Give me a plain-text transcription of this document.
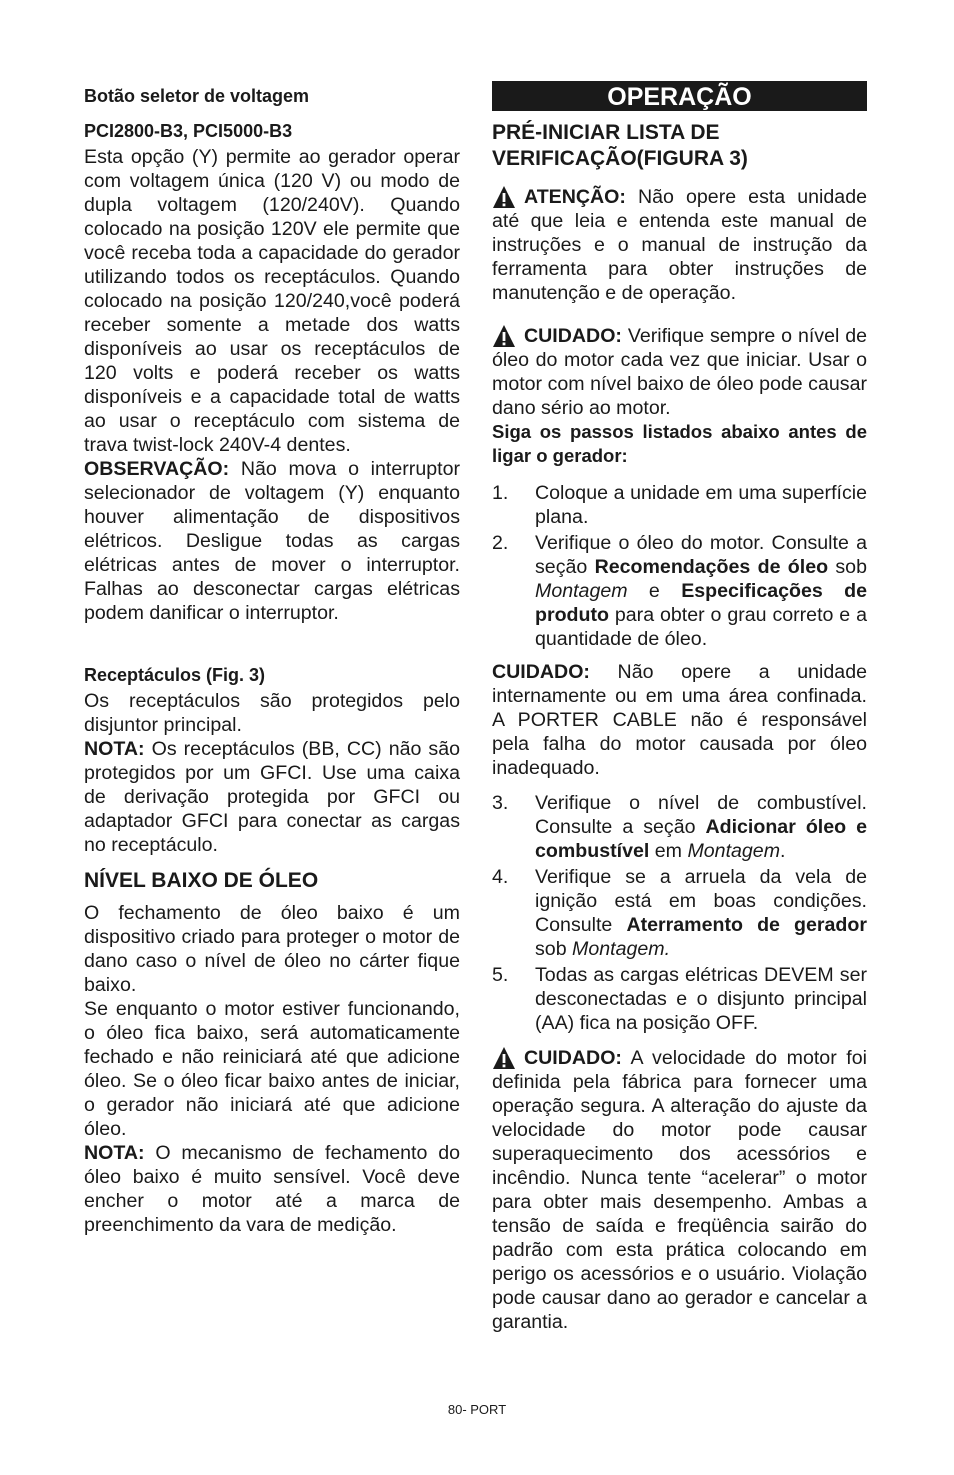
Botão seletor de voltagem
PCI2800-B3, PCI5000-B3

Esta opção (Y) permite ao gerador operar com voltagem única (120 V) ou modo de dupla voltagem (120/240V). Quando colocado na posição 120V ele permite que você receba toda a capacidade do gerador utilizando todos os receptáculos. Quando colocado na posição 120/240,você poderá receber somente a metade dos watts disponíveis ao usar os receptáculos de 120 volts e poderá receber os watts disponíveis e a capacidade total de watts ao usar o receptáculo com sistema de trava twist-lock 240V-4 dentes.

OBSERVAÇÃO: Não mova o interruptor selecionador de voltagem (Y) enquanto houver alimentação de dispositivos elétricos. Desligue todas as cargas elétricas antes de mover o interruptor. Falhas ao desconectar cargas elétricas podem danificar o interruptor.

Receptáculos (Fig. 3)

Os receptáculos são protegidos pelo disjuntor principal.

NOTA: Os receptáculos (BB, CC) não são protegidos por um GFCI. Use uma caixa de derivação protegida por GFCI ou adaptador GFCI para conectar as cargas no receptáculo.

NÍVEL BAIXO DE ÓLEO

O fechamento de óleo baixo é um dispositivo criado para proteger o motor de dano caso o nível de óleo no cárter fique baixo.

Se enquanto o motor estiver funcionando, o óleo fica baixo, será automaticamente fechado e não reiniciará até que adicione óleo. Se o óleo ficar baixo antes de iniciar, o gerador não iniciará até que adicione óleo.

NOTA: O mecanismo de fechamento do óleo baixo é muito sensível. Você deve encher o motor até a marca de preenchimento da vara de medição.

OPERAÇÃO
PRÉ-INICIAR LISTA DE VERIFICAÇÃO(FIGURA 3)

ATENÇÃO: Não opere esta unidade até que leia e entenda este manual de instruções e o manual de instrução da ferramenta para obter instruções de manutenção e de operação.

CUIDADO: Verifique sempre o nível de óleo do motor cada vez que iniciar. Usar o motor com nível baixo de óleo pode causar dano sério ao motor.

Siga os passos listados abaixo antes de ligar o gerador:

1. Coloque a unidade em uma superfície plana.
2. Verifique o óleo do motor. Consulte a seção Recomendações de óleo sob Montagem e Especificações de produto para obter o grau correto e a quantidade de óleo.

CUIDADO: Não opere a unidade internamente ou em uma área confinada. A PORTER CABLE não é responsável pela falha do motor causada por óleo inadequado.

3. Verifique o nível de combustível. Consulte a seção Adicionar óleo e combustível em Montagem.
4. Verifique se a arruela da vela de ignição está em boas condições. Consulte Aterramento de gerador sob Montagem.
5. Todas as cargas elétricas DEVEM ser desconectadas e o disjunto principal (AA) fica na posição OFF.

CUIDADO: A velocidade do motor foi definida pela fábrica para fornecer uma operação segura. A alteração do ajuste da velocidade do motor pode causar superaquecimento dos acessórios e incêndio. Nunca tente “acelerar” o motor para obter mais desempenho. Ambas a tensão de saída e freqüência sairão do padrão com esta prática colocando em perigo os acessórios e o usuário. Violação pode causar dano ao gerador e cancelar a garantia.

80- PORT
